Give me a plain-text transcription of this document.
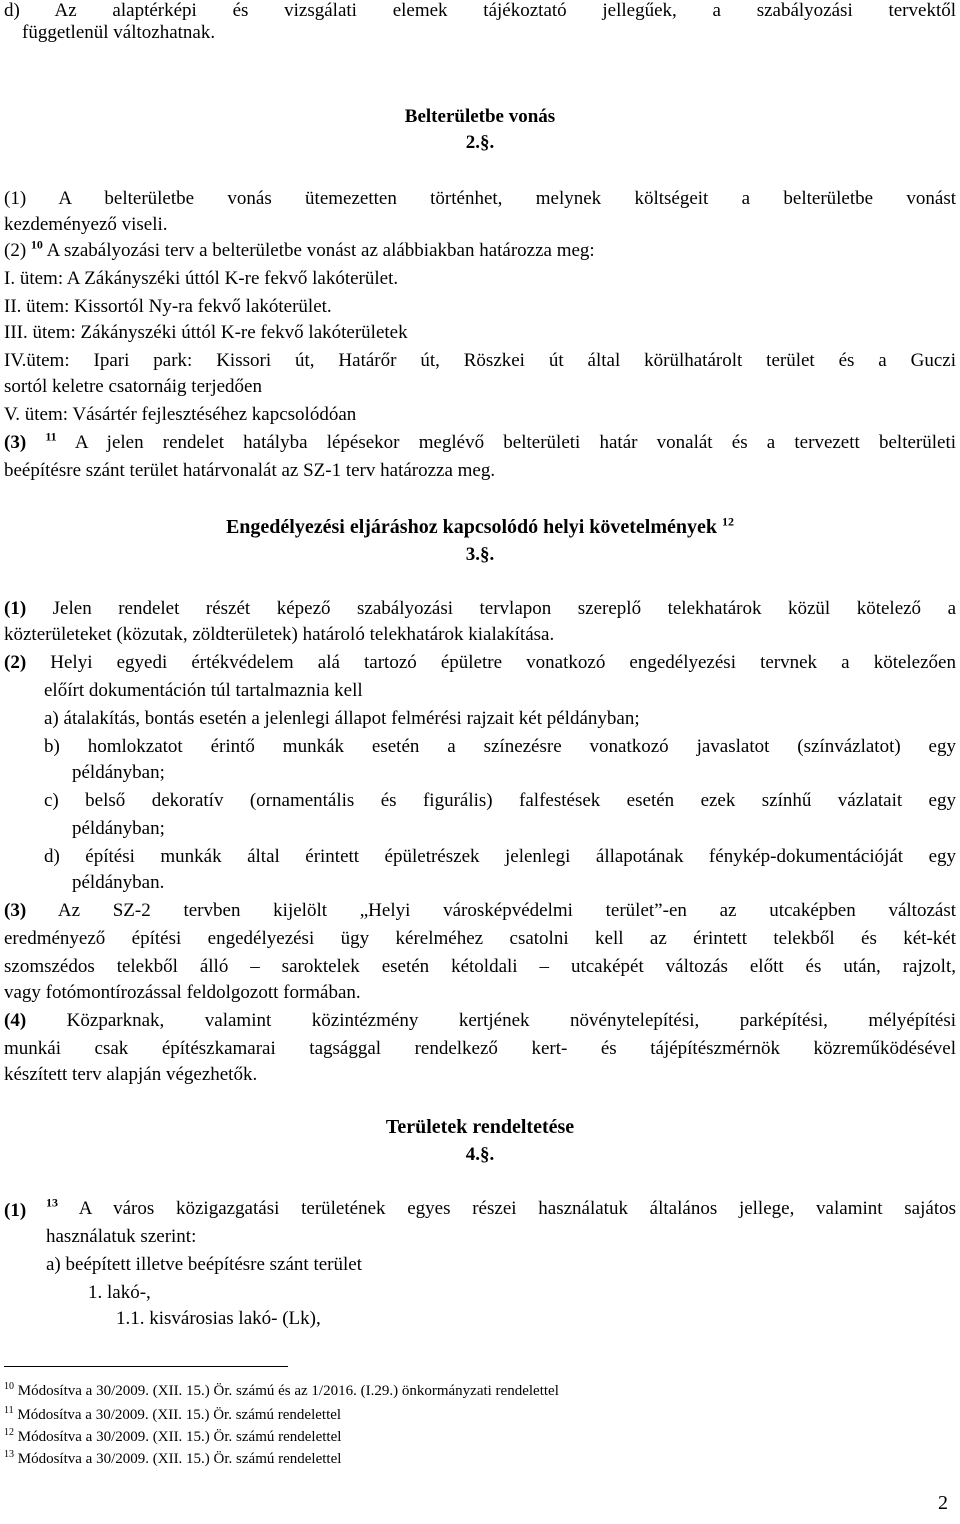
d) Az alaptérképi és vizsgálati elemek tájékoztató jellegűek, a szabályozási tervektől
függetlenül változhatnak.
Belterületbe vonás
2.§.
(1) A belterületbe vonás ütemezetten történhet, melynek költségeit a belterületbe vonást
kezdeményező viseli.
(2) $^{10}$ A szabályozási terv a belterületbe vonást az alábbiakban határozza meg:
I. ütem: A Zákányszéki úttól K-re fekvő lakóterület.
II. ütem: Kissortól Ny-ra fekvő lakóterület.
III. ütem: Zákányszéki úttól K-re fekvő lakóterületek
IV.ütem: Ipari park: Kissori út, Határőr út, Röszkei út által körülhatárolt terület és a Guczi
sortól keletre csatornáig terjedően
V. ütem: Vásártér fejlesztéséhez kapcsolódóan
(3) $^{11}$ A jelen rendelet hatályba lépésekor meglévő belterületi határ vonalát és a tervezett belterületi
beépítésre szánt terület határvonalát az SZ-1 terv határozza meg.
Engedélyezési eljáráshoz kapcsolódó helyi követelmények $^{12}$
3.§.
(1) Jelen rendelet részét képező szabályozási tervlapon szereplő telekhatárok közül kötelező a
közterületeket (közutak, zöldterületek) határoló telekhatárok kialakítása.
(2) Helyi egyedi értékvédelem alá tartozó épületre vonatkozó engedélyezési tervnek a kötelezően
előírt dokumentáción túl tartalmaznia kell
a) átalakítás, bontás esetén a jelenlegi állapot felmérési rajzait két példányban;
b) homlokzatot érintő munkák esetén a színezésre vonatkozó javaslatot (színvázlatot) egy
példányban;
c) belső dekoratív (ornamentális és figurális) falfestések esetén ezek színhű vázlatait egy
példányban;
d) építési munkák által érintett épületrészek jelenlegi állapotának fénykép-dokumentációját egy
példányban.
(3) Az SZ-2 tervben kijelölt „Helyi városképvédelmi terület”-en az utcaképben változást
eredményező építési engedélyezési ügy kérelméhez csatolni kell az érintett telekből és két-két
szomszédos telekből álló – saroktelek esetén kétoldali – utcaképét változás előtt és után, rajzolt,
vagy fotómontírozással feldolgozott formában.
(4) Közparknak, valamint közintézmény kertjének növénytelepítési, parképítési, mélyépítési
munkái csak építészkamarai tagsággal rendelkező kert- és tájépítészmérnök közreműködésével
készített terv alapján végezhetők.
Területek rendeltetése
4.§.
(1) $^{13}$ A város közigazgatási területének egyes részei használatuk általános jellege, valamint sajátos
használatuk szerint:
a) beépített illetve beépítésre szánt terület
1. lakó-,
1.1. kisvárosias lakó- (Lk),
$^{10}$ Módosítva a 30/2009. (XII. 15.) Ör. számú és az 1/2016. (I.29.) önkormányzati rendelettel
$^{11}$ Módosítva a 30/2009. (XII. 15.) Ör. számú rendelettel
$^{12}$ Módosítva a 30/2009. (XII. 15.) Ör. számú rendelettel
$^{13}$ Módosítva a 30/2009. (XII. 15.) Ör. számú rendelettel
2
